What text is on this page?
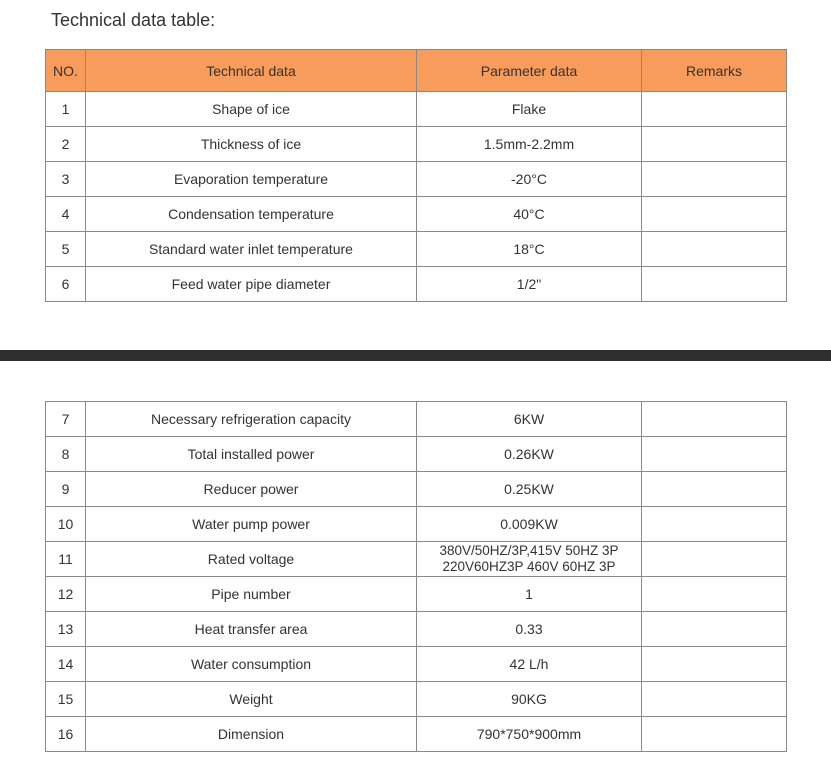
Technical data table:
NO.	Technical data	Parameter data	Remarks
1	Shape of ice	Flake	
2	Thickness of ice	1.5mm-2.2mm	
3	Evaporation temperature	-20°C	
4	Condensation temperature	40°C	
5	Standard water inlet temperature	18°C	
6	Feed water pipe diameter	1/2"	
7	Necessary refrigeration capacity	6KW	
8	Total installed power	0.26KW	
9	Reducer power	0.25KW	
10	Water pump power	0.009KW	
11	Rated voltage	380V/50HZ/3P,415V 50HZ 3P
220V60HZ3P 460V 60HZ 3P	

12	Pipe number	1	
13	Heat transfer area	0.33	
14	Water consumption	42 L/h	
15	Weight	90KG	
16	Dimension	790*750*900mm	
